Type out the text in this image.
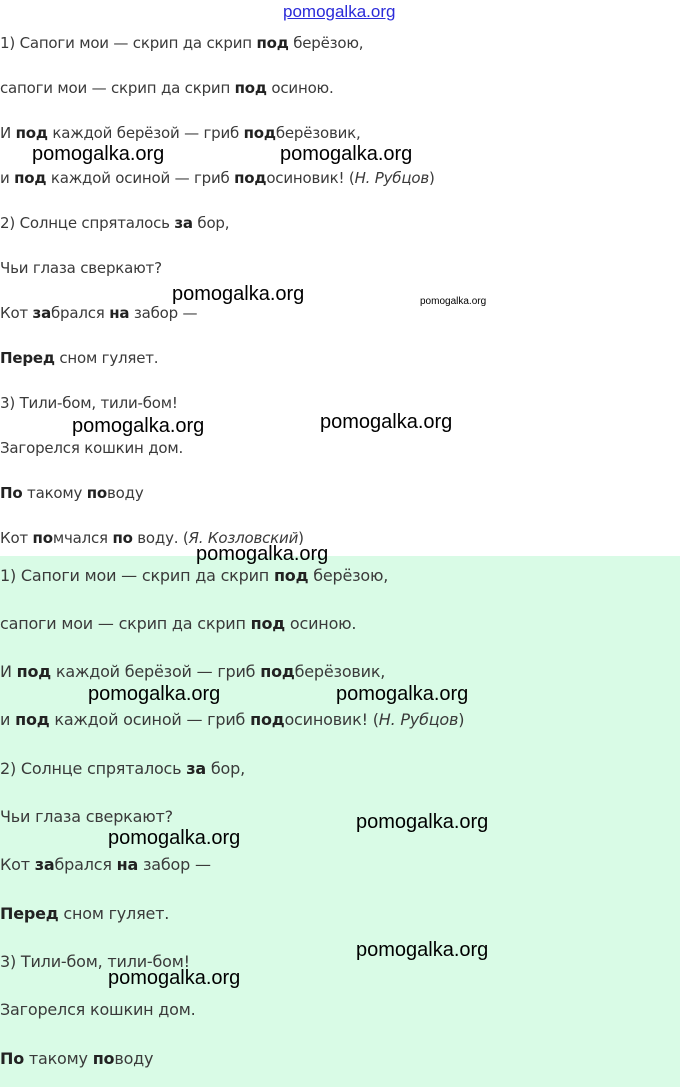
pomogalka.org
1) Сапоги мои — скрип да скрип под берёзою,
сапоги мои — скрип да скрип под осиною.
И под каждой берёзой — гриб подберёзовик,
и под каждой осиной — гриб подосиновик! (Н. Рубцов)
2) Солнце спряталось за бор,
Чьи глаза сверкают?
Кот забрался на забор —
Перед сном гуляет.
3) Тили-бом, тили-бом!
Загорелся кошкин дом.
По такому поводу
Кот помчался по воду. (Я. Козловский)
1) Сапоги мои — скрип да скрип под берёзою,
сапоги мои — скрип да скрип под осиною.
И под каждой берёзой — гриб подберёзовик,
и под каждой осиной — гриб подосиновик! (Н. Рубцов)
2) Солнце спряталось за бор,
Чьи глаза сверкают?
Кот забрался на забор —
Перед сном гуляет.
3) Тили-бом, тили-бом!
Загорелся кошкин дом.
По такому поводу
pomogalka.org	pomogalka.org
pomogalka.org	pomogalka.org
pomogalka.org	pomogalka.org
pomogalka.org
pomogalka.org	pomogalka.org
pomogalka.org
pomogalka.org
pomogalka.org
pomogalka.org
